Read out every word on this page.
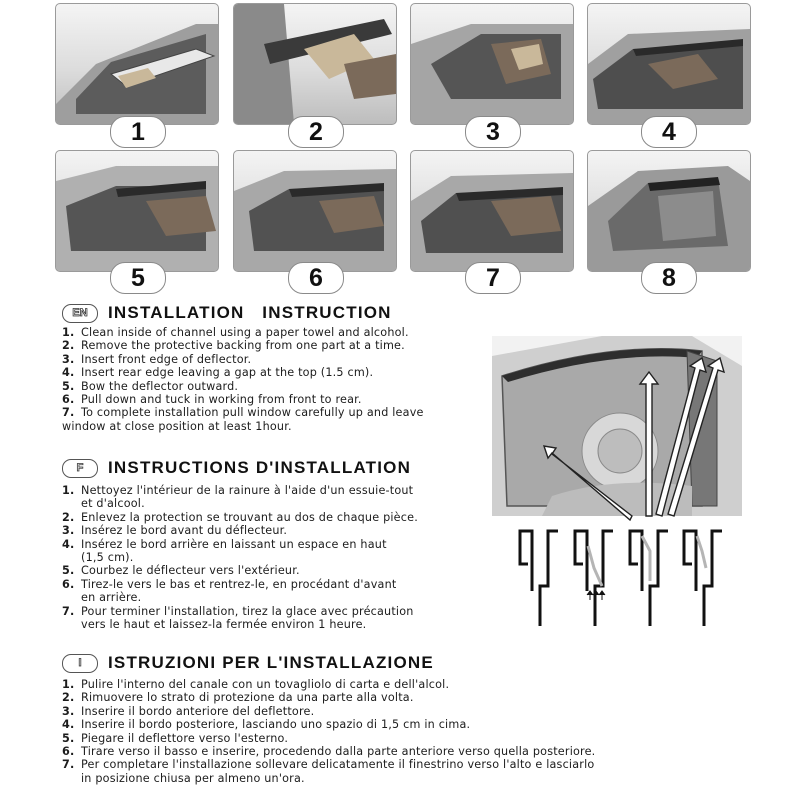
1	2	3	4
5	6	7	8
EN	INSTALLATION   INSTRUCTION
1. Clean inside of channel using a paper towel and alcohol.
2. Remove the protective backing from one part at a time.
3. Insert front edge of deflector.
4. Insert rear edge leaving a gap at the top (1.5 cm).
5. Bow the deflector outward.
6. Pull down and tuck in working from front to rear.
7. To complete installation pull window carefully up and leave
window at close position at least 1hour.
F	INSTRUCTIONS D'INSTALLATION
1. Nettoyez l'intérieur de la rainure à l'aide d'un essuie-tout
et d'alcool.
2. Enlevez la protection se trouvant au dos de chaque pièce.
3. Insérez le bord avant du déflecteur.
4. Insérez le bord arrière en laissant un espace en haut
(1,5 cm).
5. Courbez le déflecteur vers l'extérieur.
6. Tirez-le vers le bas et rentrez-le, en procédant d'avant
en arrière.
7. Pour terminer l'installation, tirez la glace avec précaution
vers le haut et laissez-la fermée environ 1 heure.
I	ISTRUZIONI PER L'INSTALLAZIONE
1. Pulire l'interno del canale con un tovagliolo di carta e dell'alcol.
2. Rimuovere lo strato di protezione da una parte alla volta.
3. Inserire il bordo anteriore del deflettore.
4. Inserire il bordo posteriore, lasciando uno spazio di 1,5 cm in cima.
5. Piegare il deflettore verso l'esterno.
6. Tirare verso il basso e inserire, procedendo dalla parte anteriore verso quella posteriore.
7. Per completare l'installazione sollevare delicatamente il finestrino verso l'alto e lasciarlo
in posizione chiusa per almeno un'ora.
